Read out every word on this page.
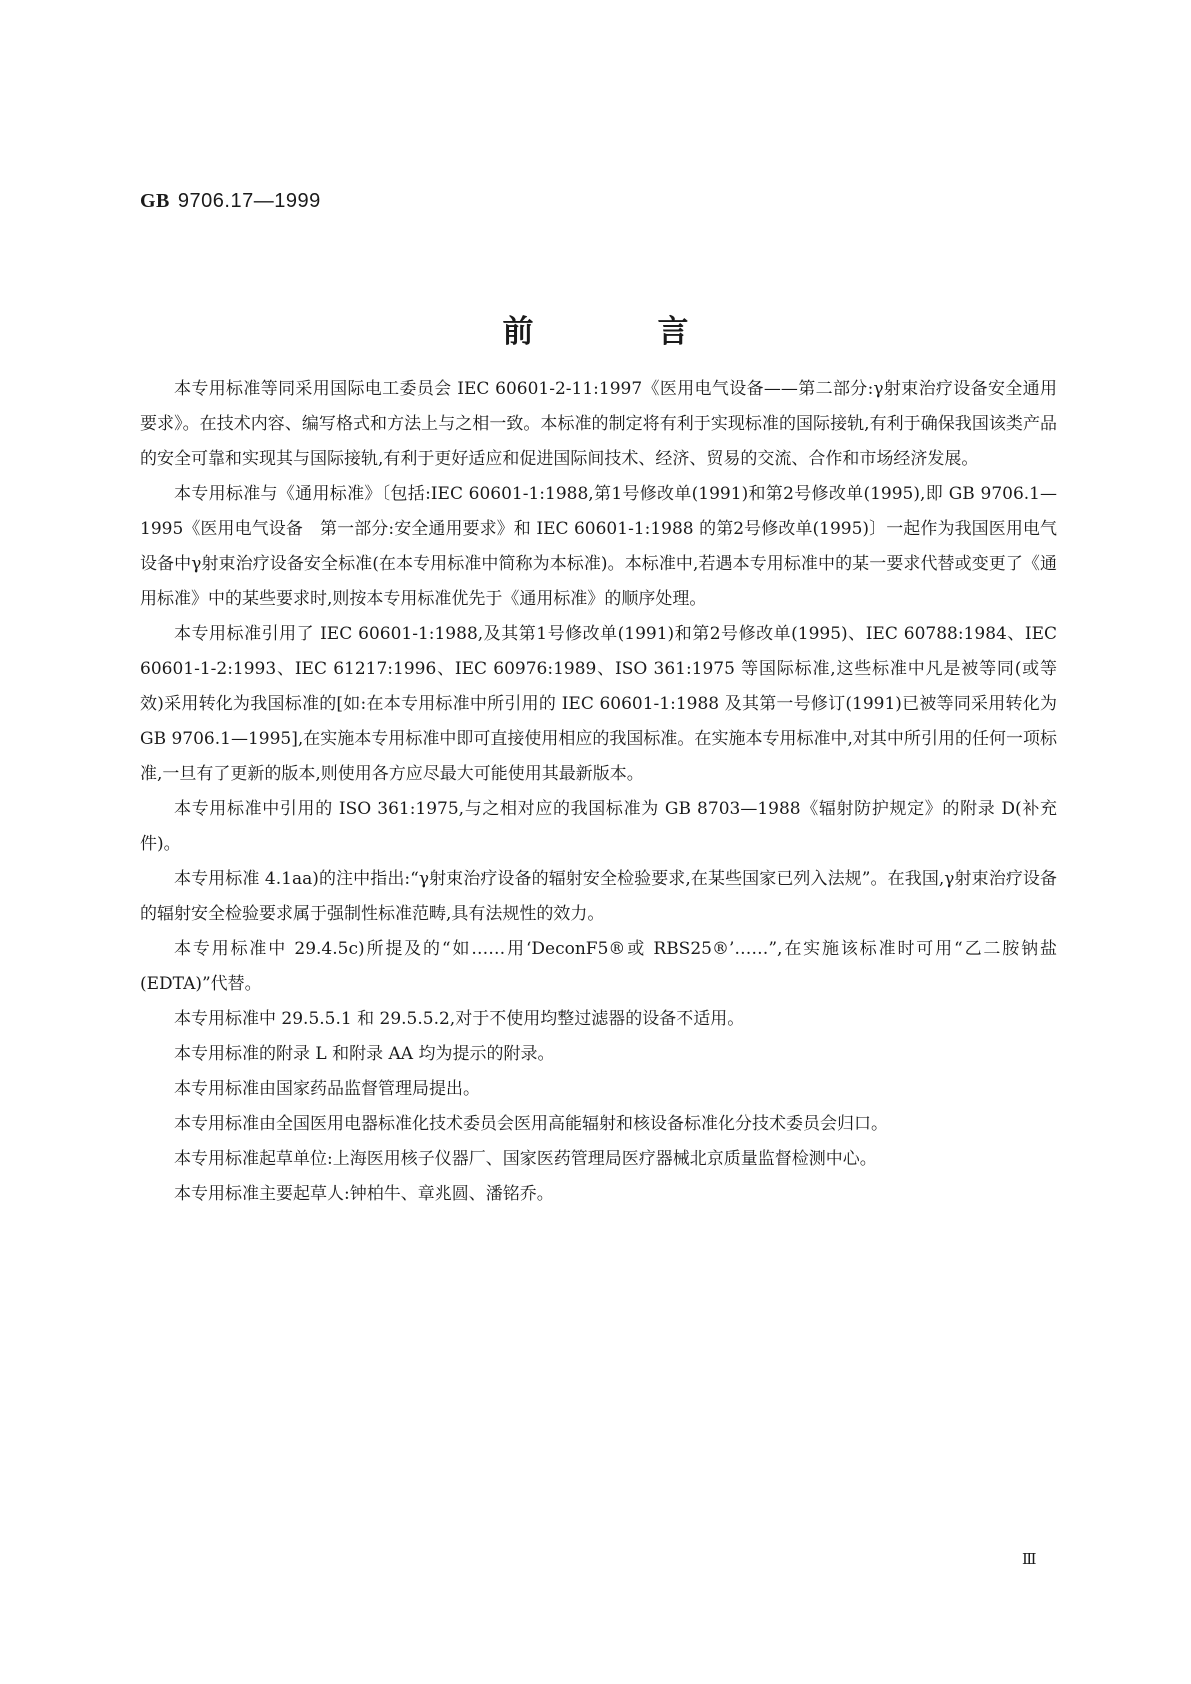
GB 9706.17—1999
前言

本专用标准等同采用国际电工委员会 IEC 60601-2-11:1997《医用电气设备——第二部分:γ射束治疗设备安全通用要求》。在技术内容、编写格式和方法上与之相一致。本标准的制定将有利于实现标准的国际接轨,有利于确保我国该类产品的安全可靠和实现其与国际接轨,有利于更好适应和促进国际间技术、经济、贸易的交流、合作和市场经济发展。

本专用标准与《通用标准》〔包括:IEC 60601-1:1988,第1号修改单(1991)和第2号修改单(1995),即 GB 9706.1—1995《医用电气设备　第一部分:安全通用要求》和 IEC 60601-1:1988 的第2号修改单(1995)〕一起作为我国医用电气设备中γ射束治疗设备安全标准(在本专用标准中简称为本标准)。本标准中,若遇本专用标准中的某一要求代替或变更了《通用标准》中的某些要求时,则按本专用标准优先于《通用标准》的顺序处理。

本专用标准引用了 IEC 60601-1:1988,及其第1号修改单(1991)和第2号修改单(1995)、IEC 60788:1984、IEC 60601-1-2:1993、IEC 61217:1996、IEC 60976:1989、ISO 361:1975 等国际标准,这些标准中凡是被等同(或等效)采用转化为我国标准的[如:在本专用标准中所引用的 IEC 60601-1:1988 及其第一号修订(1991)已被等同采用转化为 GB 9706.1—1995],在实施本专用标准中即可直接使用相应的我国标准。在实施本专用标准中,对其中所引用的任何一项标准,一旦有了更新的版本,则使用各方应尽最大可能使用其最新版本。

本专用标准中引用的 ISO 361:1975,与之相对应的我国标准为 GB 8703—1988《辐射防护规定》的附录 D(补充件)。

本专用标准 4.1aa)的注中指出:“γ射束治疗设备的辐射安全检验要求,在某些国家已列入法规”。在我国,γ射束治疗设备的辐射安全检验要求属于强制性标准范畴,具有法规性的效力。

本专用标准中 29.4.5c)所提及的“如……用‘DeconF5®或 RBS25®’……”,在实施该标准时可用“乙二胺钠盐(EDTA)”代替。

本专用标准中 29.5.5.1 和 29.5.5.2,对于不使用均整过滤器的设备不适用。

本专用标准的附录 L 和附录 AA 均为提示的附录。

本专用标准由国家药品监督管理局提出。

本专用标准由全国医用电器标准化技术委员会医用高能辐射和核设备标准化分技术委员会归口。

本专用标准起草单位:上海医用核子仪器厂、国家医药管理局医疗器械北京质量监督检测中心。

本专用标准主要起草人:钟柏牛、章兆圆、潘铭乔。

Ⅲ
